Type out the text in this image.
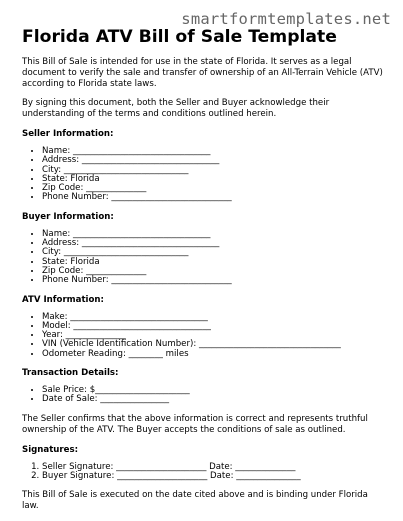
smartformtemplates.net
Florida ATV Bill of Sale Template

This Bill of Sale is intended for use in the state of Florida. It serves as a legal document to verify the sale and transfer of ownership of an All-Terrain Vehicle (ATV) according to Florida state laws.

By signing this document, both the Seller and Buyer acknowledge their understanding of the terms and conditions outlined herein.

Seller Information:
• Name: ________________________________
• Address: ________________________________
• City: _____________________________
• State: Florida
• Zip Code: ______________
• Phone Number: ____________________________
Buyer Information:
• Name: ________________________________
• Address: ________________________________
• City: _____________________________
• State: Florida
• Zip Code: ______________
• Phone Number: ____________________________
ATV Information:
• Make: ________________________________
• Model: ________________________________
• Year: ______________
• VIN (Vehicle Identification Number): _________________________________
• Odometer Reading: ________ miles
Transaction Details:
• Sale Price: $______________________
• Date of Sale: ________________

The Seller confirms that the above information is correct and represents truthful ownership of the ATV. The Buyer accepts the conditions of sale as outlined.

Signatures:
1. Seller Signature: _____________________ Date: ______________
2. Buyer Signature: _____________________ Date: _______________

This Bill of Sale is executed on the date cited above and is binding under Florida law.
